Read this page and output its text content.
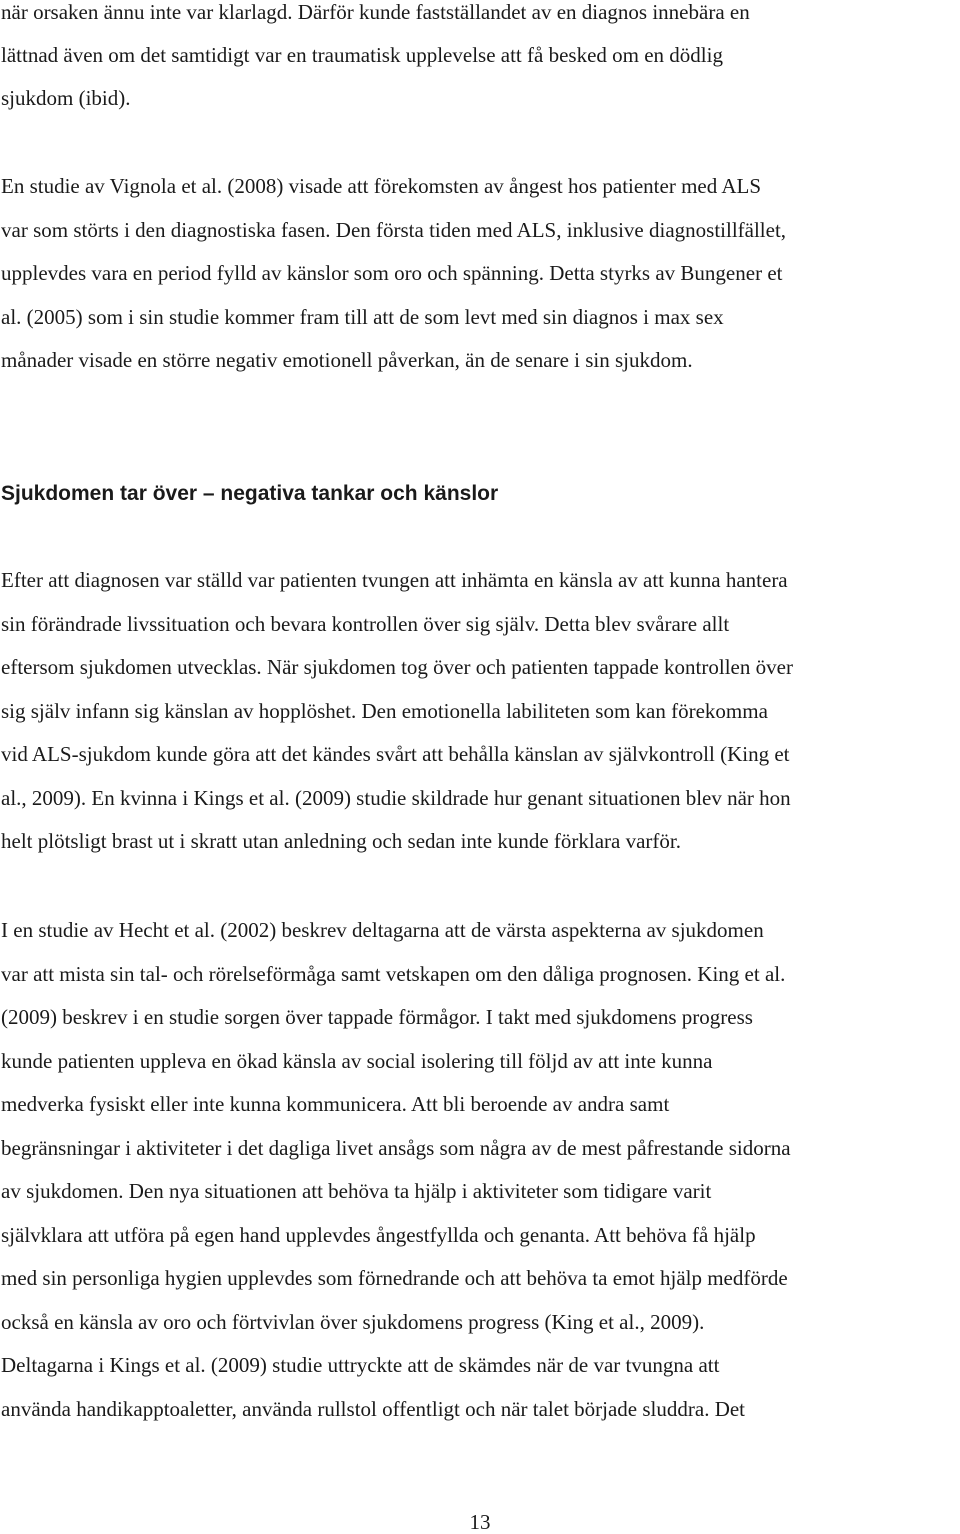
när orsaken ännu inte var klarlagd. Därför kunde fastställandet av en diagnos innebära en
lättnad även om det samtidigt var en traumatisk upplevelse att få besked om en dödlig
sjukdom (ibid).
En studie av Vignola et al. (2008) visade att förekomsten av ångest hos patienter med ALS
var som störts i den diagnostiska fasen. Den första tiden med ALS, inklusive diagnostillfället,
upplevdes vara en period fylld av känslor som oro och spänning. Detta styrks av Bungener et
al. (2005) som i sin studie kommer fram till att de som levt med sin diagnos i max sex
månader visade en större negativ emotionell påverkan, än de senare i sin sjukdom.
Sjukdomen tar över – negativa tankar och känslor
Efter att diagnosen var ställd var patienten tvungen att inhämta en känsla av att kunna hantera
sin förändrade livssituation och bevara kontrollen över sig själv. Detta blev svårare allt
eftersom sjukdomen utvecklas. När sjukdomen tog över och patienten tappade kontrollen över
sig själv infann sig känslan av hopplöshet. Den emotionella labiliteten som kan förekomma
vid ALS-sjukdom kunde göra att det kändes svårt att behålla känslan av självkontroll (King et
al., 2009). En kvinna i Kings et al. (2009) studie skildrade hur genant situationen blev när hon
helt plötsligt brast ut i skratt utan anledning och sedan inte kunde förklara varför.
I en studie av Hecht et al. (2002) beskrev deltagarna att de värsta aspekterna av sjukdomen
var att mista sin tal- och rörelseförmåga samt vetskapen om den dåliga prognosen. King et al.
(2009) beskrev i en studie sorgen över tappade förmågor. I takt med sjukdomens progress
kunde patienten uppleva en ökad känsla av social isolering till följd av att inte kunna
medverka fysiskt eller inte kunna kommunicera. Att bli beroende av andra samt
begränsningar i aktiviteter i det dagliga livet ansågs som några av de mest påfrestande sidorna
av sjukdomen. Den nya situationen att behöva ta hjälp i aktiviteter som tidigare varit
självklara att utföra på egen hand upplevdes ångestfyllda och genanta. Att behöva få hjälp
med sin personliga hygien upplevdes som förnedrande och att behöva ta emot hjälp medförde
också en känsla av oro och förtvivlan över sjukdomens progress (King et al., 2009).
Deltagarna i Kings et al. (2009) studie uttryckte att de skämdes när de var tvungna att
använda handikapptoaletter, använda rullstol offentligt och när talet började sluddra. Det
13
